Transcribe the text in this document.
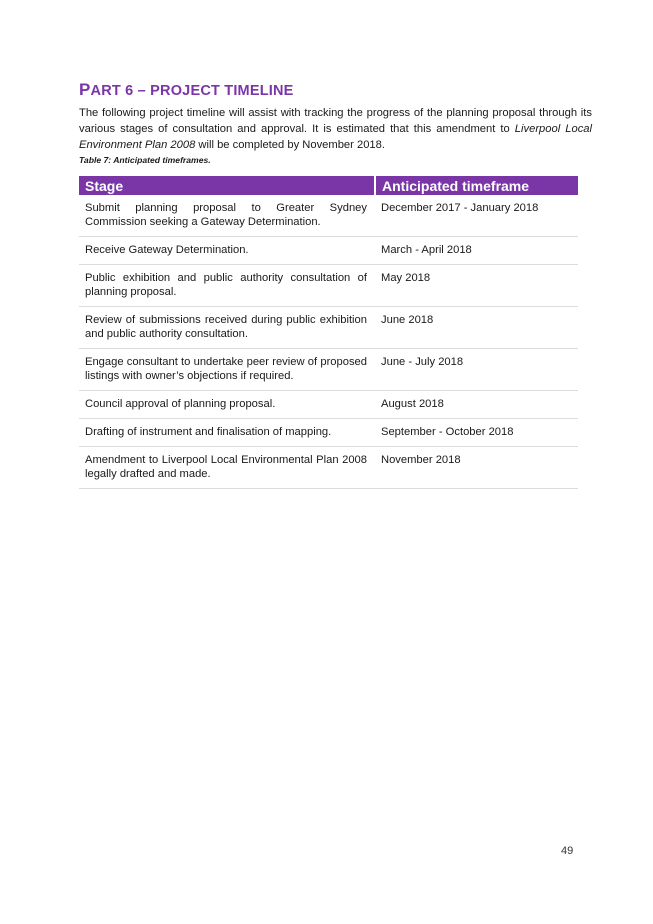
PART 6 – PROJECT TIMELINE

The following project timeline will assist with tracking the progress of the planning proposal through its various stages of consultation and approval. It is estimated that this amendment to Liverpool Local Environment Plan 2008 will be completed by November 2018.

Table 7: Anticipated timeframes.

Stage	Anticipated timeframe
Submit planning proposal to Greater Sydney Commission seeking a Gateway Determination.	December 2017 - January 2018
Receive Gateway Determination.	March - April 2018
Public exhibition and public authority consultation of planning proposal.	May 2018
Review of submissions received during public exhibition and public authority consultation.	June 2018
Engage consultant to undertake peer review of proposed listings with owner’s objections if required.	June - July 2018
Council approval of planning proposal.	August 2018
Drafting of instrument and finalisation of mapping.	September - October 2018
Amendment to Liverpool Local Environmental Plan 2008 legally drafted and made.	November 2018

49
